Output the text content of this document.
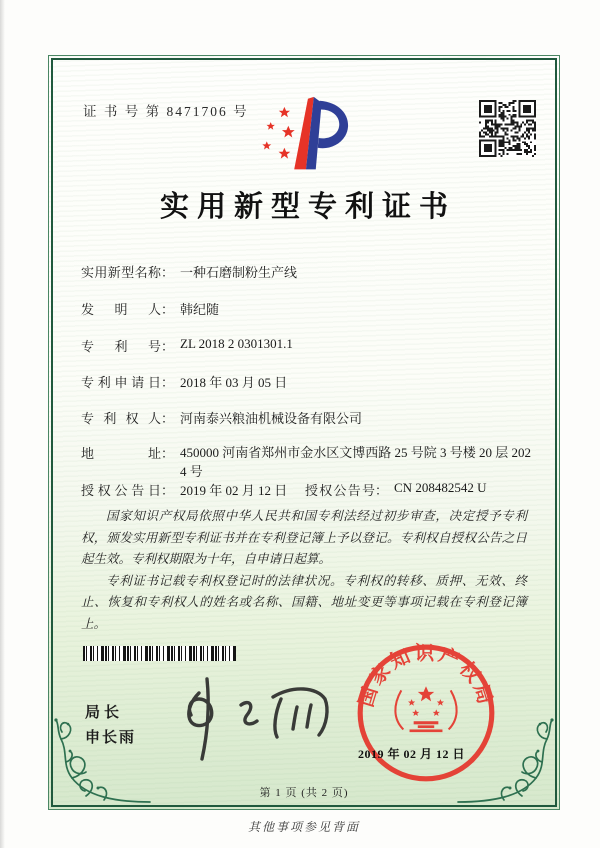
证 书 号 第 8471706 号
实用新型专利证书
实用新型名称： 一种石磨制粉生产线
发明人： 韩纪随
专利号： ZL 2018 2 0301301.1
专利申请日： 2018 年 03 月 05 日
专利权人： 河南泰兴粮油机械设备有限公司
地址： 450000 河南省郑州市金水区文博西路 25 号院 3 号楼 20 层 2024 号
授权公告日： 2019 年 02 月 12 日 授权公告号： CN 208482542 U

国家知识产权局依照中华人民共和国专利法经过初步审查，决定授予专利权，颁发实用新型专利证书并在专利登记簿上予以登记。专利权自授权公告之日起生效。专利权期限为十年，自申请日起算。

专利证书记载专利权登记时的法律状况。专利权的转移、质押、无效、终止、恢复和专利权人的姓名或名称、国籍、地址变更等事项记载在专利登记簿上。

局长
申长雨
国家知识产权局
2019 年 02 月 12 日
第 1 页 (共 2 页)
其他事项参见背面
